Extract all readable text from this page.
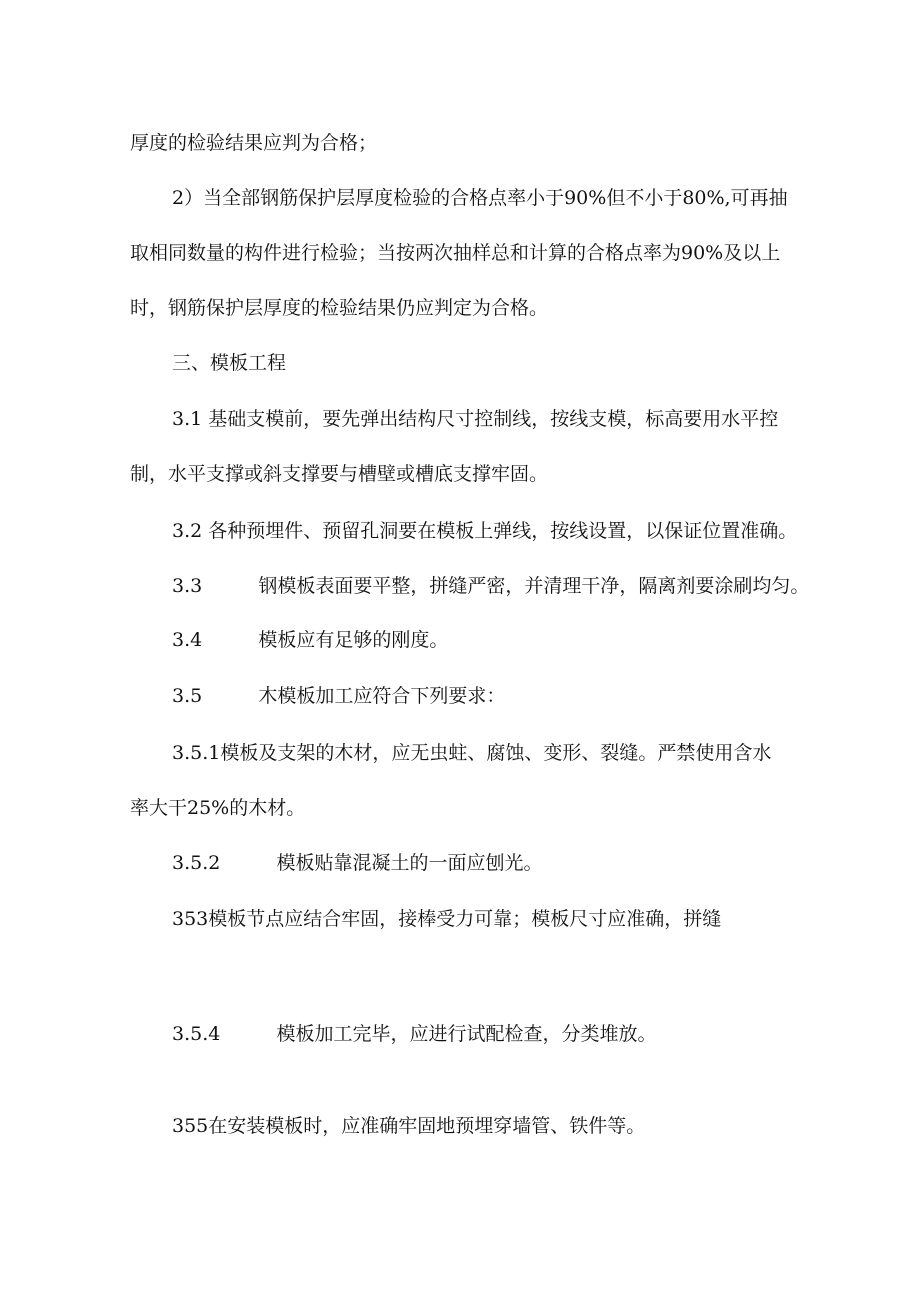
厚度的检验结果应判为合格；
2）当全部钢筋保护层厚度检验的合格点率小于90%但不小于80%,可再抽
取相同数量的构件进行检验；当按两次抽样总和计算的合格点率为90%及以上
时，钢筋保护层厚度的检验结果仍应判定为合格。
三、模板工程
3.1 基础支模前，要先弹出结构尺寸控制线，按线支模，标高要用水平控
制，水平支撑或斜支撑要与槽壁或槽底支撑牢固。
3.2 各种预埋件、预留孔洞要在模板上弹线，按线设置，以保证位置准确。
3.3	钢模板表面要平整，拼缝严密，并清理干净，隔离剂要涂刷均匀。
3.4	模板应有足够的刚度。
3.5	木模板加工应符合下列要求：
3.5.1模板及支架的木材，应无虫蛀、腐蚀、变形、裂缝。严禁使用含水
率大干25%的木材。
3.5.2	模板贴靠混凝土的一面应刨光。
353模板节点应结合牢固，接棒受力可靠；模板尺寸应准确，拼缝
3.5.4	模板加工完毕，应进行试配检查，分类堆放。
355在安装模板时，应准确牢固地预埋穿墙管、铁件等。
